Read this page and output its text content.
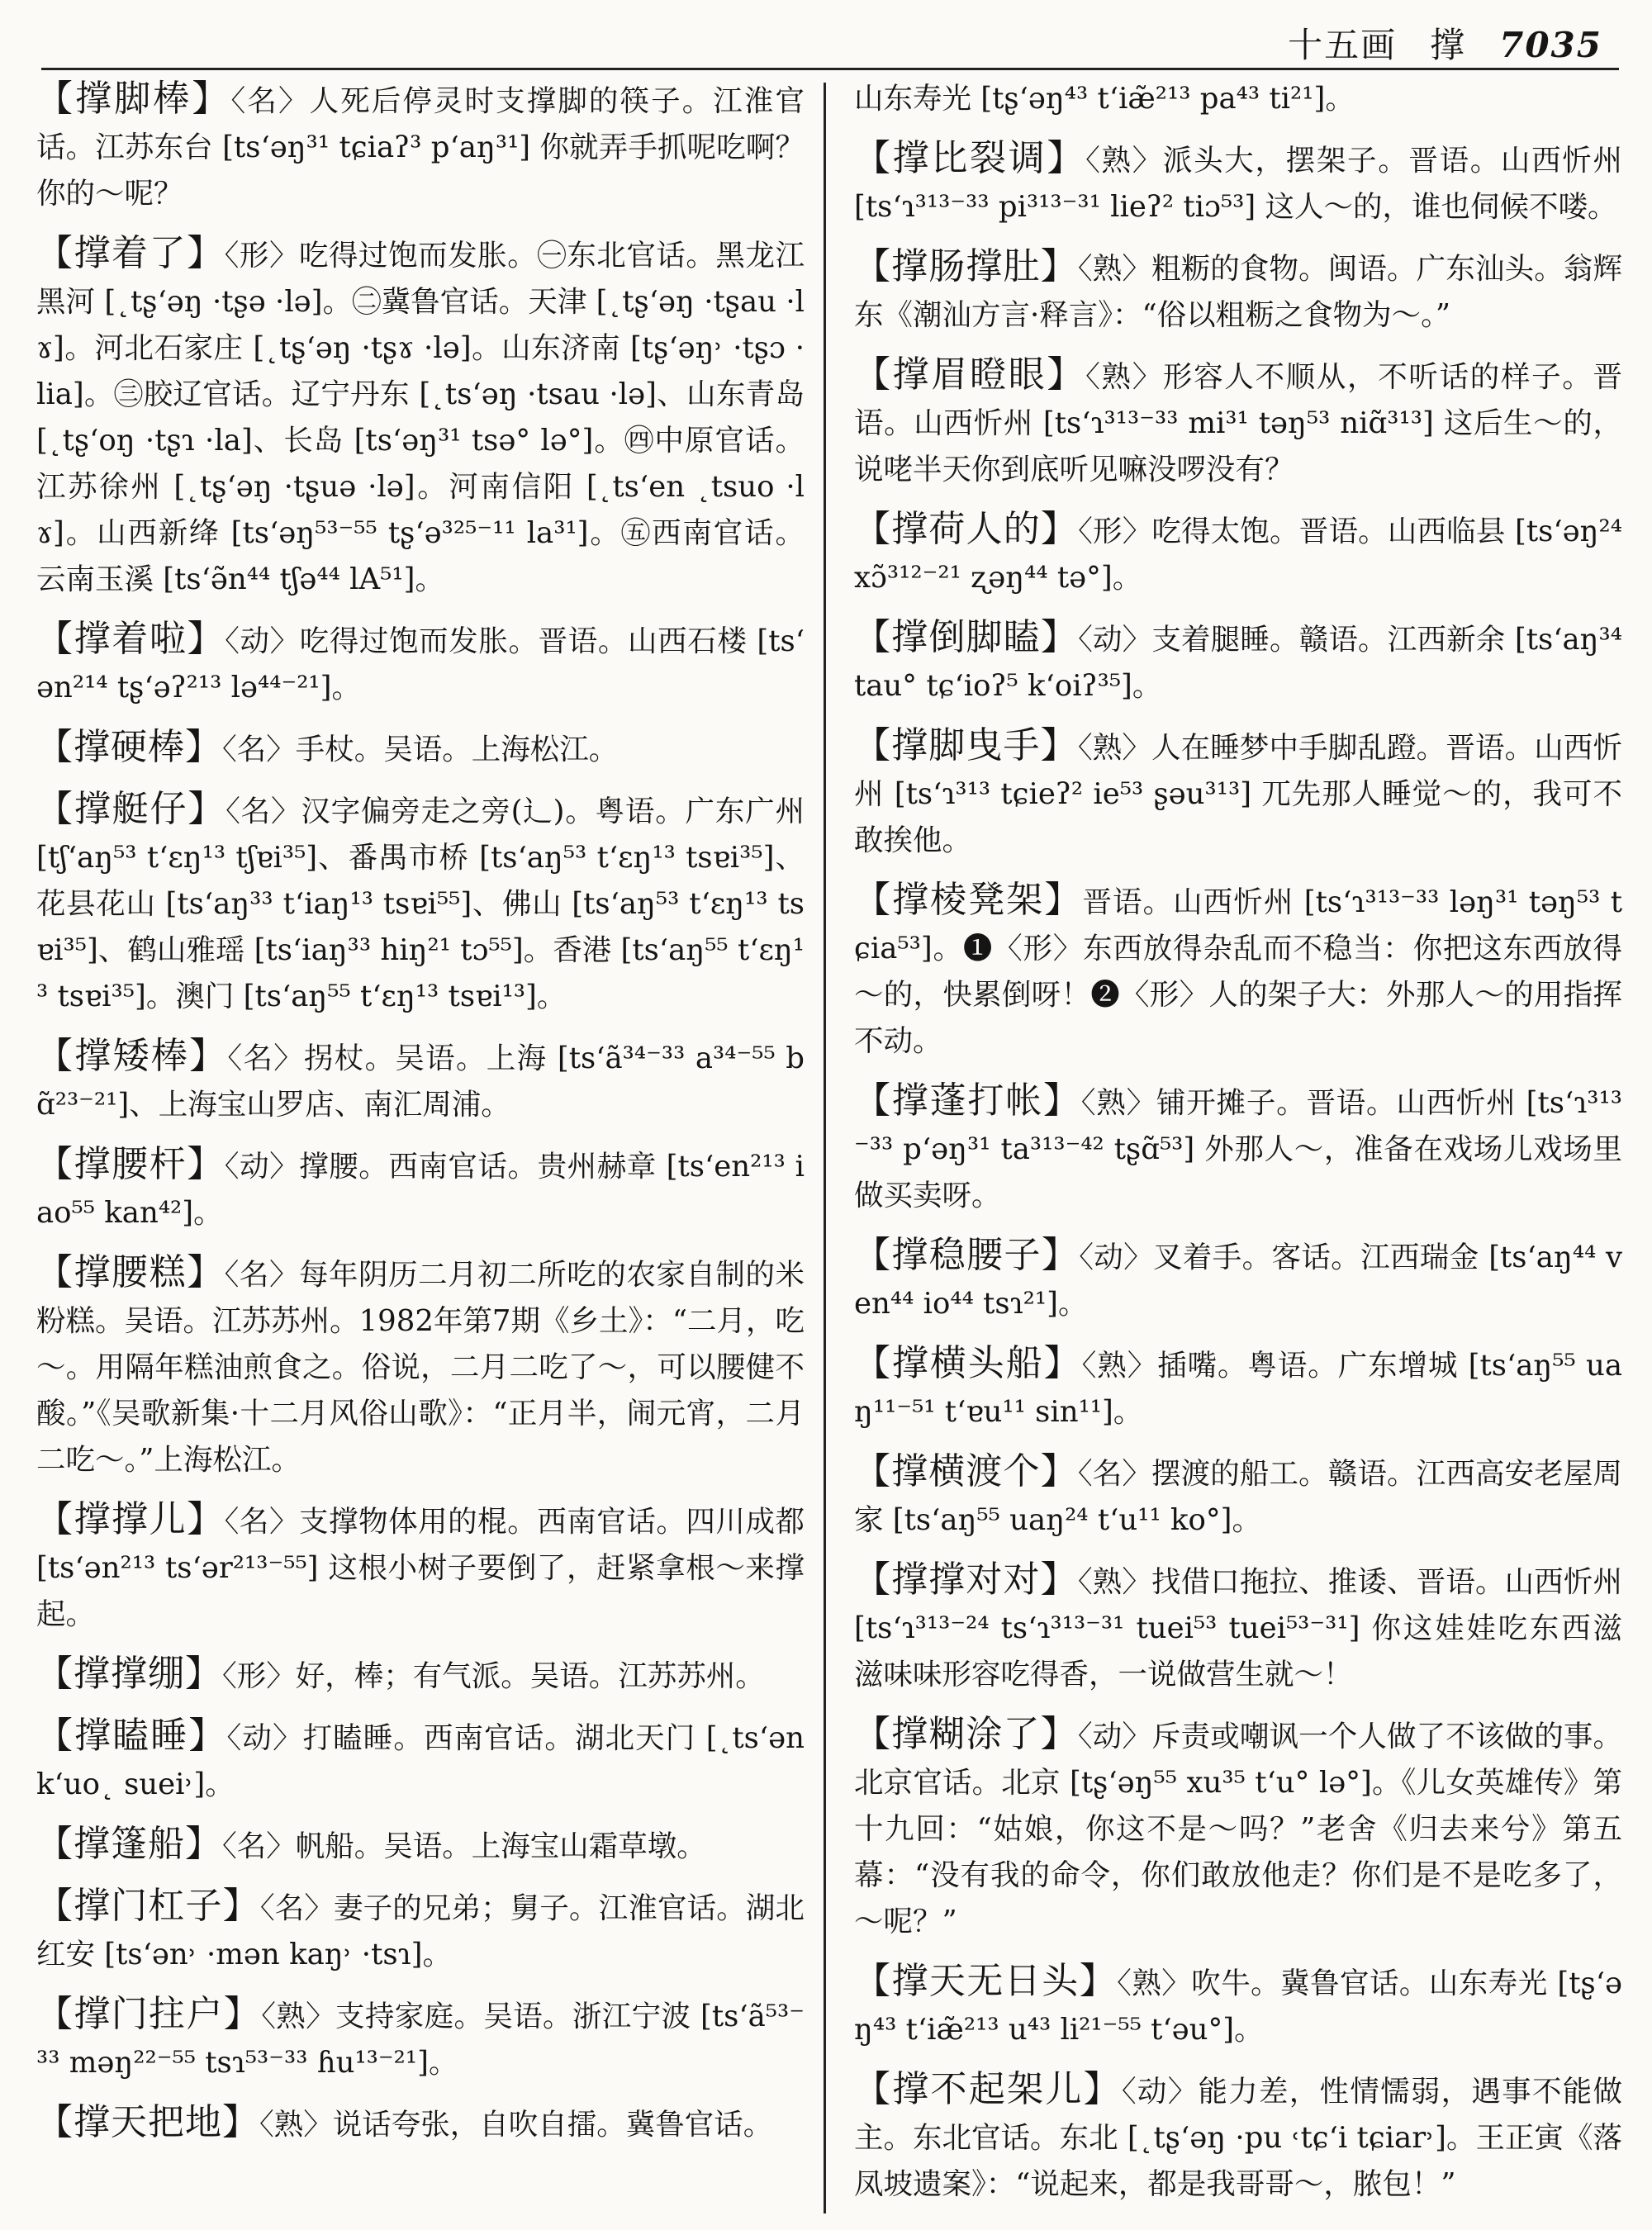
十五画 撑 7035

【撑脚棒】〈名〉人死后停灵时支撑脚的筷子。江淮官话。江苏东台 [tsʻəŋ³¹ tɕiaʔ³ pʻaŋ³¹] 你就弄手抓呢吃啊？你的～呢？

【撑着了】〈形〉吃得过饱而发胀。㊀东北官话。黑龙江黑河 [˛tʂʻəŋ ·tʂə ·lə]。㊁冀鲁官话。天津 [˛tʂʻəŋ ·tʂau ·lɤ]。河北石家庄 [˛tʂʻəŋ ·tʂɤ ·lə]。山东济南 [tʂʻəŋ˒ ·tʂɔ ·lia]。㊂胶辽官话。辽宁丹东 [˛tsʻəŋ ·tsau ·lə]、山东青岛 [˛tʂʻoŋ ·tʂɿ ·la]、长岛 [tsʻəŋ³¹ tsə° lə°]。㊃中原官话。江苏徐州 [˛tʂʻəŋ ·tʂuə ·lə]。河南信阳 [˛tsʻen ˛tsuo ·lɤ]。山西新绛 [tsʻəŋ⁵³⁻⁵⁵ tʂʻə³²⁵⁻¹¹ la³¹]。㊄西南官话。云南玉溪 [tsʻə̃n⁴⁴ tʃə⁴⁴ lA⁵¹]。

【撑着啦】〈动〉吃得过饱而发胀。晋语。山西石楼 [tsʻən²¹⁴ tʂʻəʔ²¹³ lə⁴⁴⁻²¹]。

【撑硬棒】〈名〉手杖。吴语。上海松江。

【撑艇仔】〈名〉汉字偏旁走之旁(辶)。粤语。广东广州 [tʃʻaŋ⁵³ tʻɛŋ¹³ tʃɐi³⁵]、番禺市桥 [tsʻaŋ⁵³ tʻɛŋ¹³ tsɐi³⁵]、花县花山 [tsʻaŋ³³ tʻiaŋ¹³ tsɐi⁵⁵]、佛山 [tsʻaŋ⁵³ tʻɛŋ¹³ tsɐi³⁵]、鹤山雅瑶 [tsʻiaŋ³³ hiŋ²¹ tɔ⁵⁵]。香港 [tsʻaŋ⁵⁵ tʻɛŋ¹³ tsɐi³⁵]。澳门 [tsʻaŋ⁵⁵ tʻɛŋ¹³ tsɐi¹³]。

【撑矮棒】〈名〉拐杖。吴语。上海 [tsʻã³⁴⁻³³ a³⁴⁻⁵⁵ bɑ̃²³⁻²¹]、上海宝山罗店、南汇周浦。

【撑腰杆】〈动〉撑腰。西南官话。贵州赫章 [tsʻen²¹³ iao⁵⁵ kan⁴²]。

【撑腰糕】〈名〉每年阴历二月初二所吃的农家自制的米粉糕。吴语。江苏苏州。1982年第7期《乡土》：“二月，吃～。用隔年糕油煎食之。俗说，二月二吃了～，可以腰健不酸。”《吴歌新集·十二月风俗山歌》：“正月半，闹元宵，二月二吃～。”上海松江。

【撑撑儿】〈名〉支撑物体用的棍。西南官话。四川成都 [tsʻən²¹³ tsʻər²¹³⁻⁵⁵] 这根小树子要倒了，赶紧拿根～来撑起。

【撑撑绷】〈形〉好，棒；有气派。吴语。江苏苏州。

【撑瞌睡】〈动〉打瞌睡。西南官话。湖北天门 [˛tsʻən kʻuo˛ suei˒]。

【撑篷船】〈名〉帆船。吴语。上海宝山霜草墩。

【撑门杠子】〈名〉妻子的兄弟；舅子。江淮官话。湖北红安 [tsʻən˒ ·mən kaŋ˒ ·tsɿ]。

【撑门拄户】〈熟〉支持家庭。吴语。浙江宁波 [tsʻã⁵³⁻³³ məŋ²²⁻⁵⁵ tsɿ⁵³⁻³³ ɦu¹³⁻²¹]。

【撑天把地】〈熟〉说话夸张，自吹自擂。冀鲁官话。

山东寿光 [tʂʻəŋ⁴³ tʻiæ̃²¹³ pa⁴³ ti²¹]。

【撑比裂调】〈熟〉派头大，摆架子。晋语。山西忻州 [tsʻɿ³¹³⁻³³ pi³¹³⁻³¹ lieʔ² tiɔ⁵³] 这人～的，谁也伺候不喽。

【撑肠撑肚】〈熟〉粗粝的食物。闽语。广东汕头。翁辉东《潮汕方言·释言》：“俗以粗粝之食物为～。”

【撑眉瞪眼】〈熟〉形容人不顺从，不听话的样子。晋语。山西忻州 [tsʻɿ³¹³⁻³³ mi³¹ təŋ⁵³ niɑ̃³¹³] 这后生～的，说咾半天你到底听见嘛没啰没有？

【撑荷人的】〈形〉吃得太饱。晋语。山西临县 [tsʻəŋ²⁴ xɔ̃³¹²⁻²¹ ʐəŋ⁴⁴ tə°]。

【撑倒脚瞌】〈动〉支着腿睡。赣语。江西新余 [tsʻaŋ³⁴ tau° tɕʻioʔ⁵ kʻoiʔ³⁵]。

【撑脚曳手】〈熟〉人在睡梦中手脚乱蹬。晋语。山西忻州 [tsʻɿ³¹³ tɕieʔ² ie⁵³ ʂəu³¹³] 兀先那人睡觉～的，我可不敢挨他。

【撑棱凳架】晋语。山西忻州 [tsʻɿ³¹³⁻³³ ləŋ³¹ təŋ⁵³ tɕia⁵³]。❶〈形〉东西放得杂乱而不稳当：你把这东西放得～的，快累倒呀！❷〈形〉人的架子大：外那人～的用指挥不动。

【撑蓬打帐】〈熟〉铺开摊子。晋语。山西忻州 [tsʻɿ³¹³⁻³³ pʻəŋ³¹ ta³¹³⁻⁴² tʂɑ̃⁵³] 外那人～，准备在戏场儿戏场里做买卖呀。

【撑稳腰子】〈动〉叉着手。客话。江西瑞金 [tsʻaŋ⁴⁴ ven⁴⁴ io⁴⁴ tsɿ²¹]。

【撑横头船】〈熟〉插嘴。粤语。广东增城 [tsʻaŋ⁵⁵ uaŋ¹¹⁻⁵¹ tʻɐu¹¹ sin¹¹]。

【撑横渡个】〈名〉摆渡的船工。赣语。江西高安老屋周家 [tsʻaŋ⁵⁵ uaŋ²⁴ tʻu¹¹ ko°]。

【撑撑对对】〈熟〉找借口拖拉、推诿、晋语。山西忻州 [tsʻɿ³¹³⁻²⁴ tsʻɿ³¹³⁻³¹ tuei⁵³ tuei⁵³⁻³¹] 你这娃娃吃东西滋滋味味形容吃得香，一说做营生就～！

【撑糊涂了】〈动〉斥责或嘲讽一个人做了不该做的事。北京官话。北京 [tʂʻəŋ⁵⁵ xu³⁵ tʻu° lə°]。《儿女英雄传》第十九回：“姑娘，你这不是～吗？”老舍《归去来兮》第五幕：“没有我的命令，你们敢放他走？你们是不是吃多了，～呢？”

【撑天无日头】〈熟〉吹牛。冀鲁官话。山东寿光 [tʂʻəŋ⁴³ tʻiæ̃²¹³ u⁴³ li²¹⁻⁵⁵ tʻəu°]。

【撑不起架儿】〈动〉能力差，性情懦弱，遇事不能做主。东北官话。东北 [˛tʂʻəŋ ·pu ˓tɕʻi tɕiar˒]。王正寅《落凤坡遗案》：“说起来，都是我哥哥～，脓包！”
